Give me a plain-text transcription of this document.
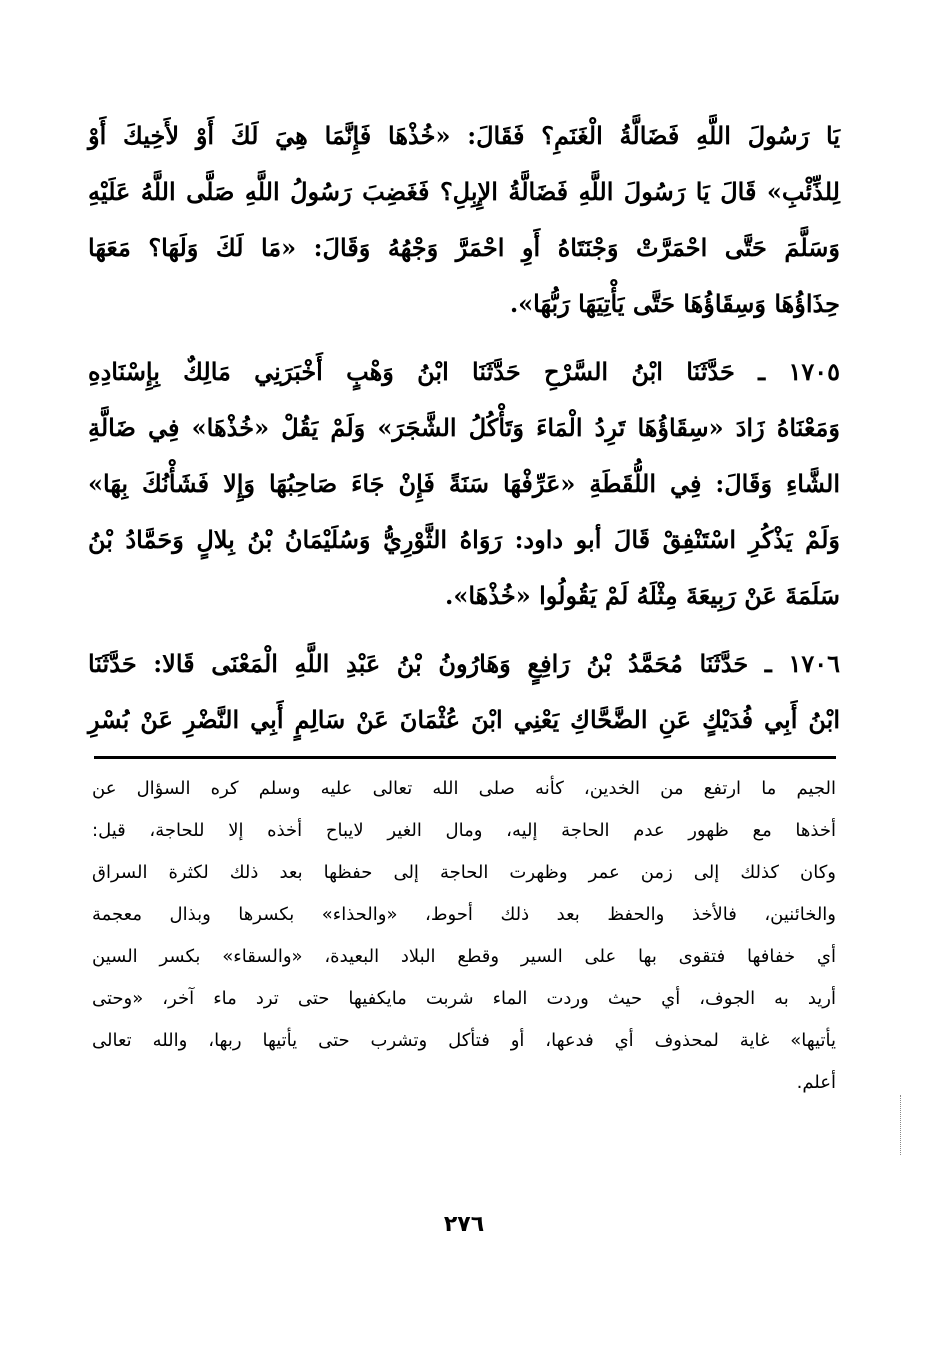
يَا رَسُولَ اللَّهِ فَضَالَّةُ الْغَنَمِ؟ فَقَالَ: «خُذْهَا فَإِنَّمَا هِيَ لَكَ أَوْ لأَخِيكَ أَوْ
لِلذِّئْبِ» قَالَ يَا رَسُولَ اللَّهِ فَضَالَّةُ الإِبِلِ؟ فَغَضِبَ رَسُولُ اللَّهِ صَلَّى اللَّهُ عَلَيْهِ
وَسَلَّمَ حَتَّى احْمَرَّتْ وَجْنَتَاهُ أَوِ احْمَرَّ وَجْهُهُ وَقَالَ: «مَا لَكَ وَلَهَا؟ مَعَهَا
حِذَاؤُهَا وَسِقَاؤُهَا حَتَّى يَأْتِيَهَا رَبُّهَا».
١٧٠٥ ـ حَدَّثَنَا ابْنُ السَّرْحِ حَدَّثَنَا ابْنُ وَهْبٍ أَخْبَرَنِي مَالِكٌ بِإِسْنَادِهِ
وَمَعْنَاهُ زَادَ «سِقَاؤُهَا تَرِدُ الْمَاءَ وَتَأْكُلُ الشَّجَرَ» وَلَمْ يَقُلْ «خُذْهَا» فِي ضَالَّةِ
الشَّاءِ وَقَالَ: فِي اللُّقَطَةِ «عَرِّفْهَا سَنَةً فَإِنْ جَاءَ صَاحِبُهَا وَإِلا فَشَأْنُكَ بِهَا»
وَلَمْ يَذْكُرِ اسْتَنْفِقْ قَالَ أبو داود: رَوَاهُ الثَّوْرِيُّ وَسُلَيْمَانُ بْنُ بِلالٍ وَحَمَّادُ بْنُ
سَلَمَةَ عَنْ رَبِيعَةَ مِثْلَهُ لَمْ يَقُولُوا «خُذْهَا».
١٧٠٦ ـ حَدَّثَنَا مُحَمَّدُ بْنُ رَافِعٍ وَهَارُونُ بْنُ عَبْدِ اللَّهِ الْمَعْنَى قَالا: حَدَّثَنَا
ابْنُ أَبِي فُدَيْكٍ عَنِ الضَّحَّاكِ يَعْنِي ابْنَ عُثْمَانَ عَنْ سَالِمٍ أَبِي النَّضْرِ عَنْ بُسْرِ
الجيم ما ارتفع من الخدين، كأنه صلى الله تعالى عليه وسلم كره السؤال عن
أخذها مع ظهور عدم الحاجة إليه، ومال الغير لايباح أخذه إلا للحاجة، قيل:
وكان كذلك إلى زمن عمر وظهرت الحاجة إلى حفظها بعد ذلك لكثرة السراق
والخائنين، فالأخذ والحفظ بعد ذلك أحوط، «والحذاء» بكسرها وبذال معجمة
أي خفافها فتقوى بها على السير وقطع البلاد البعيدة، «والسقاء» بكسر السين
أريد به الجوف، أي حيث وردت الماء شربت مايكفيها حتى ترد ماء آخر، «وحتى
يأتيها» غاية لمحذوف أي فدعها، أو فتأكل وتشرب حتى يأتيها ربها، والله تعالى
أعلم.
٢٧٦
